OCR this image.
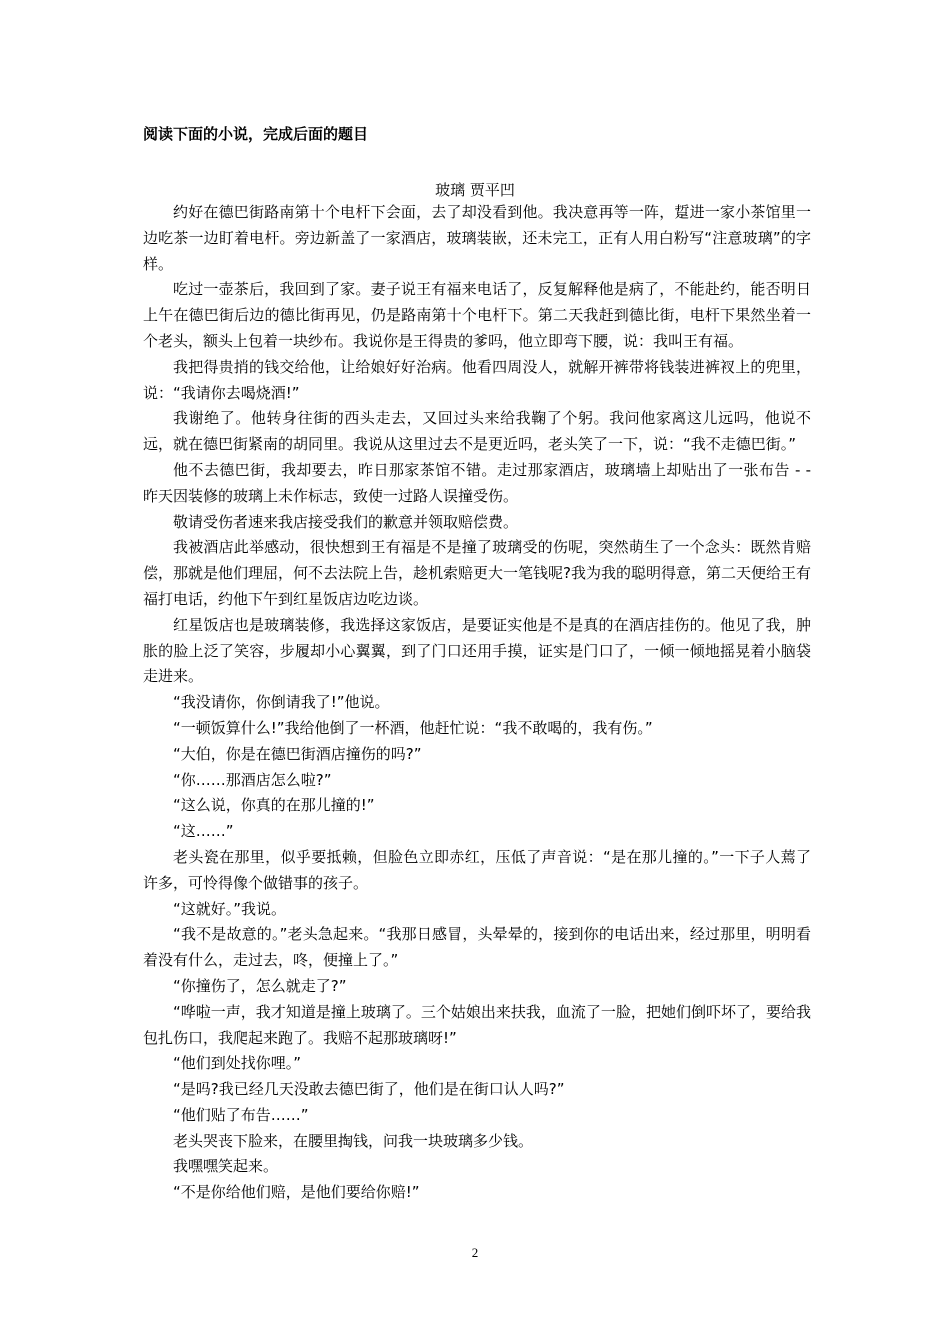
阅读下面的小说，完成后面的题目
玻璃 贾平凹

约好在德巴街路南第十个电杆下会面，去了却没看到他。我决意再等一阵，踅进一家小茶馆里一边吃茶一边盯着电杆。旁边新盖了一家酒店，玻璃装嵌，还未完工，正有人用白粉写“注意玻璃”的字样。

吃过一壶茶后，我回到了家。妻子说王有福来电话了，反复解释他是病了，不能赴约，能否明日上午在德巴街后边的德比街再见，仍是路南第十个电杆下。第二天我赶到德比街，电杆下果然坐着一个老头，额头上包着一块纱布。我说你是王得贵的爹吗，他立即弯下腰，说：我叫王有福。

我把得贵捎的钱交给他，让给娘好好治病。他看四周没人，就解开裤带将钱装进裤衩上的兜里，说：“我请你去喝烧酒!”

我谢绝了。他转身往街的西头走去，又回过头来给我鞠了个躬。我问他家离这儿远吗，他说不远，就在德巴街紧南的胡同里。我说从这里过去不是更近吗，老头笑了一下，说：“我不走德巴街。”

他不去德巴街，我却要去，昨日那家茶馆不错。走过那家酒店，玻璃墙上却贴出了一张布告 - - 昨天因装修的玻璃上未作标志，致使一过路人误撞受伤。

敬请受伤者速来我店接受我们的歉意并领取赔偿费。

我被酒店此举感动，很快想到王有福是不是撞了玻璃受的伤呢，突然萌生了一个念头：既然肯赔偿，那就是他们理屈，何不去法院上告，趁机索赔更大一笔钱呢?我为我的聪明得意，第二天便给王有福打电话，约他下午到红星饭店边吃边谈。

红星饭店也是玻璃装修，我选择这家饭店，是要证实他是不是真的在酒店挂伤的。他见了我，肿胀的脸上泛了笑容，步履却小心翼翼，到了门口还用手摸，证实是门口了，一倾一倾地摇晃着小脑袋走进来。

“我没请你，你倒请我了!”他说。

“一顿饭算什么!”我给他倒了一杯酒，他赶忙说：“我不敢喝的，我有伤。”

“大伯，你是在德巴街酒店撞伤的吗?”

“你……那酒店怎么啦?”

“这么说，你真的在那儿撞的!”

“这……”

老头瓷在那里，似乎要抵赖，但脸色立即赤红，压低了声音说：“是在那儿撞的。”一下子人蔫了许多，可怜得像个做错事的孩子。

“这就好。”我说。

“我不是故意的。”老头急起来。“我那日感冒，头晕晕的，接到你的电话出来，经过那里，明明看着没有什么，走过去，咚，便撞上了。”

“你撞伤了，怎么就走了?”

“哗啦一声，我才知道是撞上玻璃了。三个姑娘出来扶我，血流了一脸，把她们倒吓坏了，要给我包扎伤口，我爬起来跑了。我赔不起那玻璃呀!”

“他们到处找你哩。”

“是吗?我已经几天没敢去德巴街了，他们是在街口认人吗?”

“他们贴了布告……”

老头哭丧下脸来，在腰里掏钱，问我一块玻璃多少钱。

我嘿嘿笑起来。

“不是你给他们赔，是他们要给你赔!”

2
